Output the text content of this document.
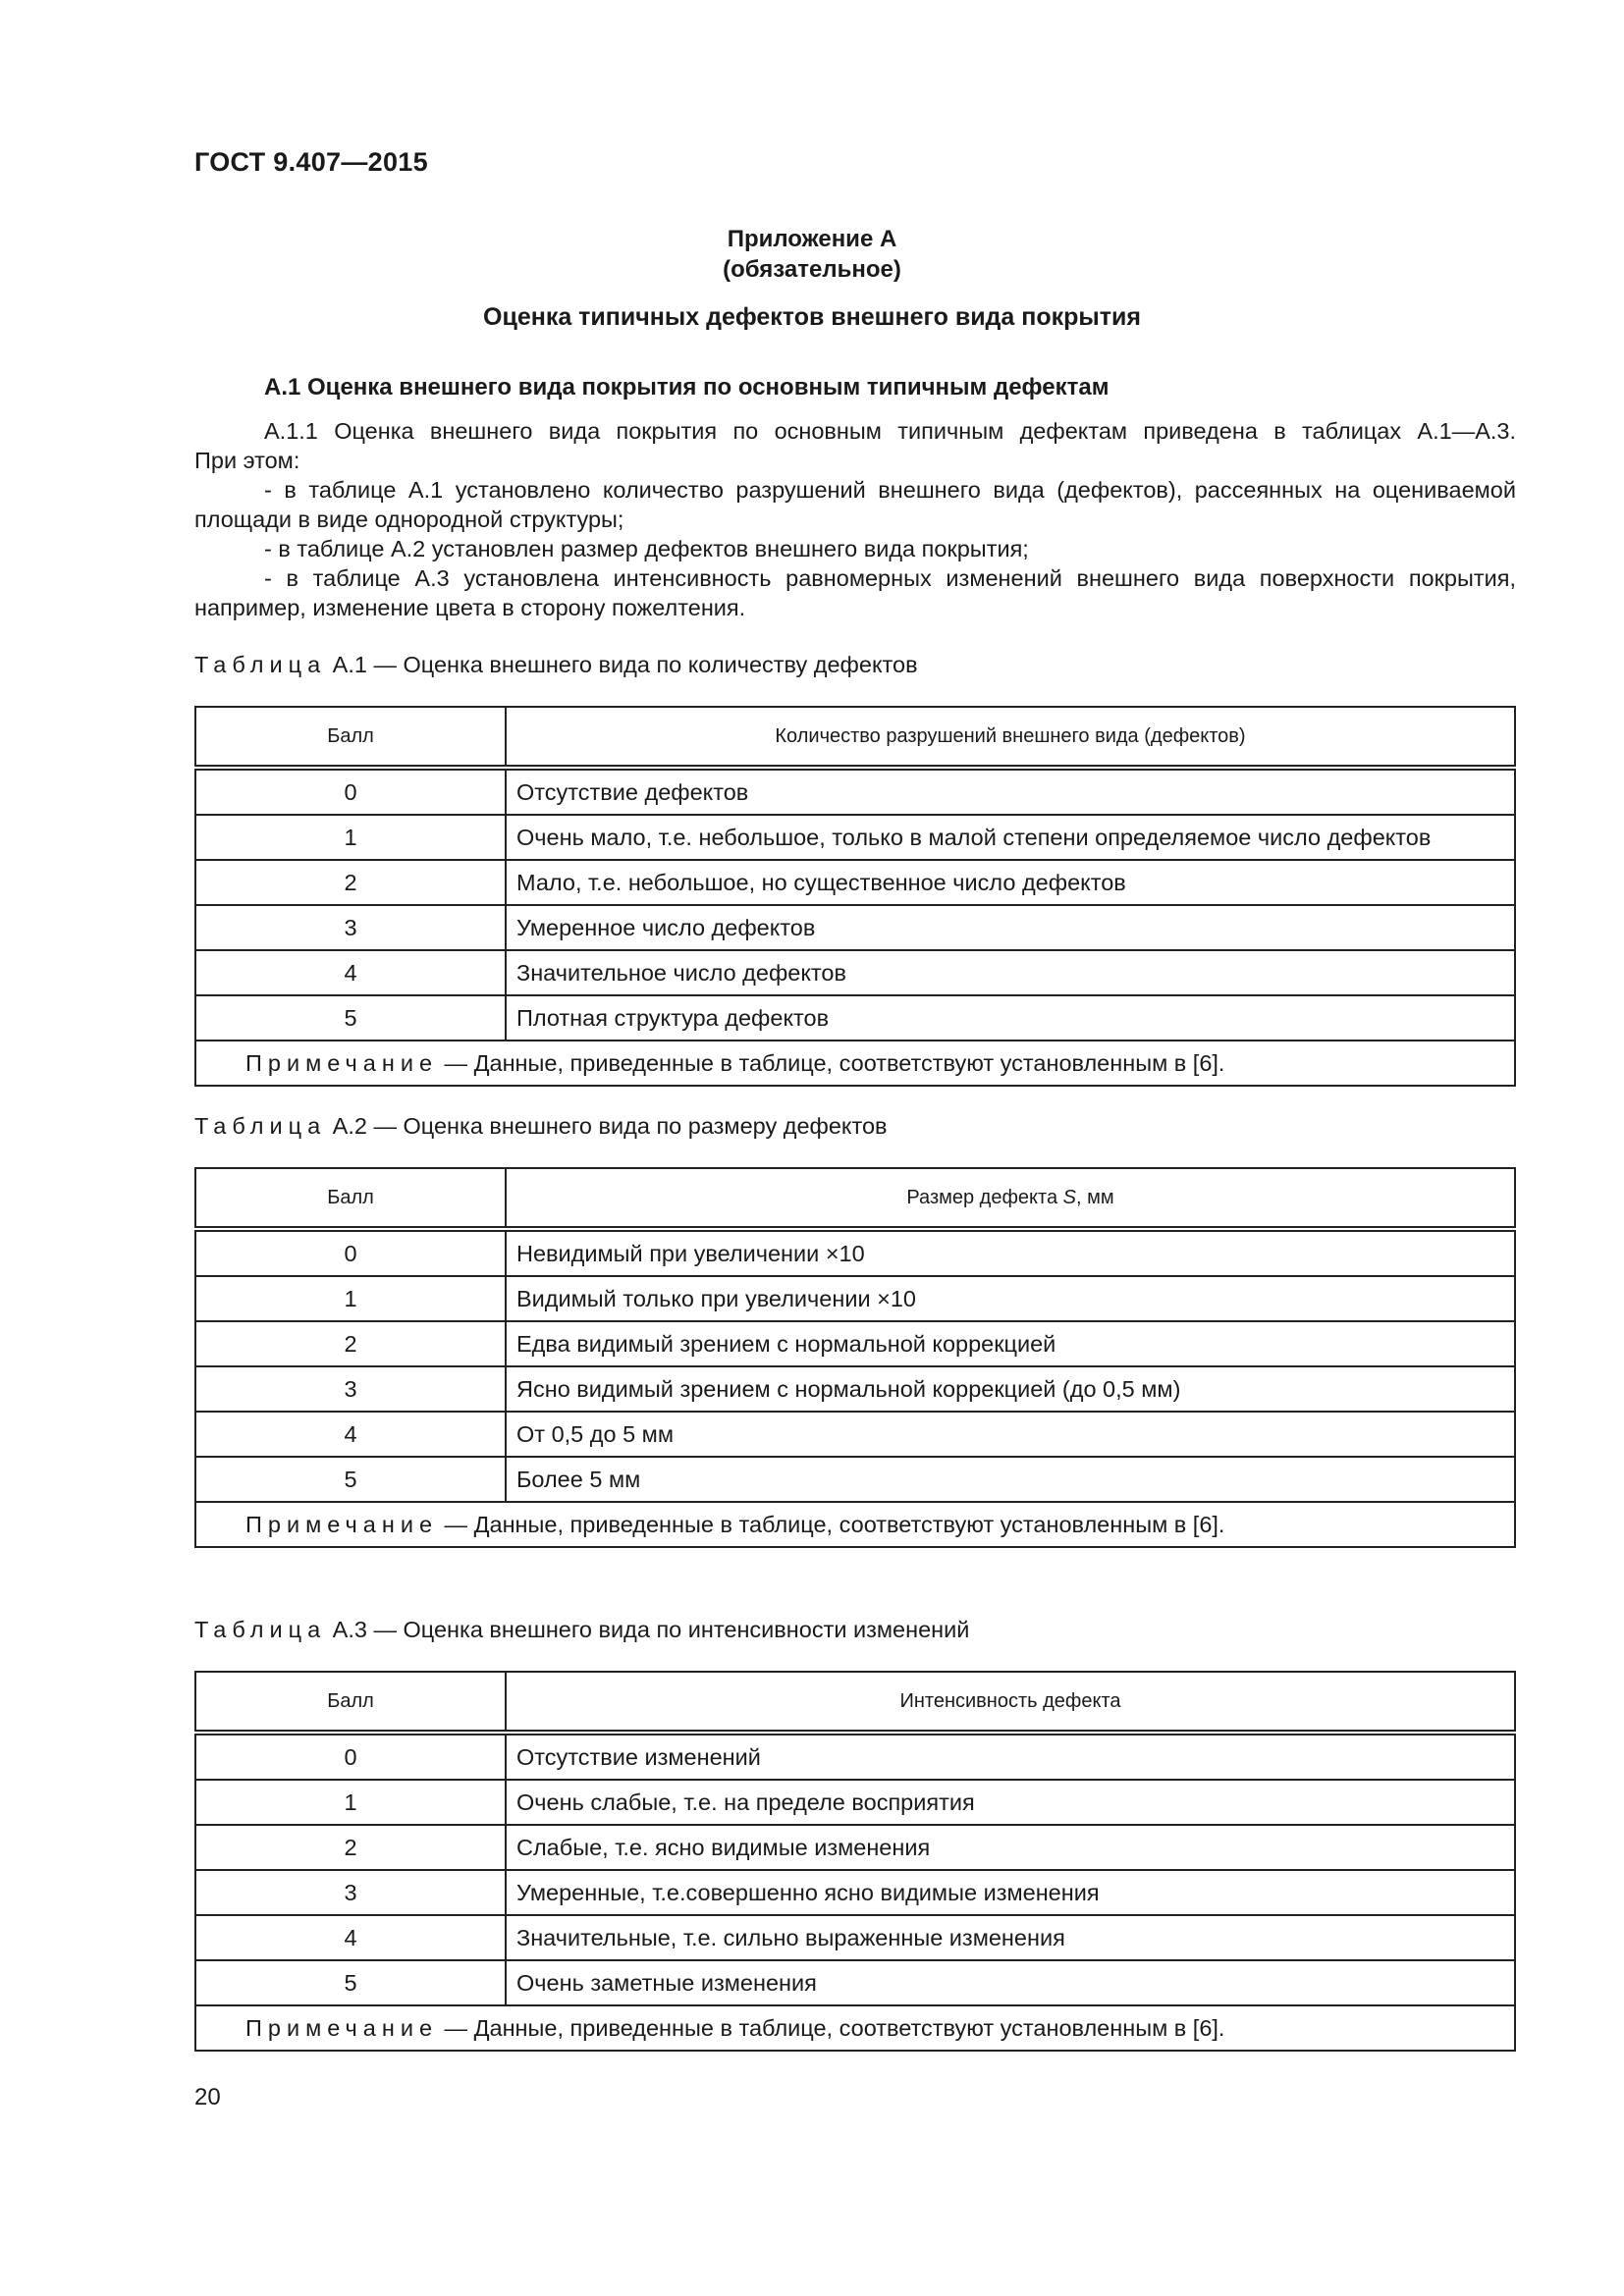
ГОСТ 9.407—2015
Приложение А
(обязательное)
Оценка типичных дефектов внешнего вида покрытия
А.1 Оценка внешнего вида покрытия по основным типичным дефектам

А.1.1 Оценка внешнего вида покрытия по основным типичным дефектам приведена в таблицах А.1—А.3.

При этом:

- в таблице А.1 установлено количество разрушений внешнего вида (дефектов), рассеянных на оцениваемой

площади в виде однородной структуры;

- в таблице А.2 установлен размер дефектов внешнего вида покрытия;

- в таблице А.3 установлена интенсивность равномерных изменений внешнего вида поверхности покрытия,

например, изменение цвета в сторону пожелтения.

Таблица А.1 — Оценка внешнего вида по количеству дефектов
Балл	Количество разрушений внешнего вида (дефектов)
0	Отсутствие дефектов
1	Очень мало, т.е. небольшое, только в малой степени определяемое число дефектов
2	Мало, т.е. небольшое, но существенное число дефектов
3	Умеренное число дефектов
4	Значительное число дефектов
5	Плотная структура дефектов
Примечание — Данные, приведенные в таблице, соответствуют установленным в [6].	
Таблица А.2 — Оценка внешнего вида по размеру дефектов
Балл	Размер дефекта S, мм
0	Невидимый при увеличении ×10
1	Видимый только при увеличении ×10
2	Едва видимый зрением с нормальной коррекцией
3	Ясно видимый зрением с нормальной коррекцией (до 0,5 мм)
4	От 0,5 до 5 мм
5	Более 5 мм
Примечание — Данные, приведенные в таблице, соответствуют установленным в [6].	
Таблица А.3 — Оценка внешнего вида по интенсивности изменений
Балл	Интенсивность дефекта
0	Отсутствие изменений
1	Очень слабые, т.е. на пределе восприятия
2	Слабые, т.е. ясно видимые изменения
3	Умеренные, т.е.совершенно ясно видимые изменения
4	Значительные, т.е. сильно выраженные изменения
5	Очень заметные изменения
Примечание — Данные, приведенные в таблице, соответствуют установленным в [6].	
20
